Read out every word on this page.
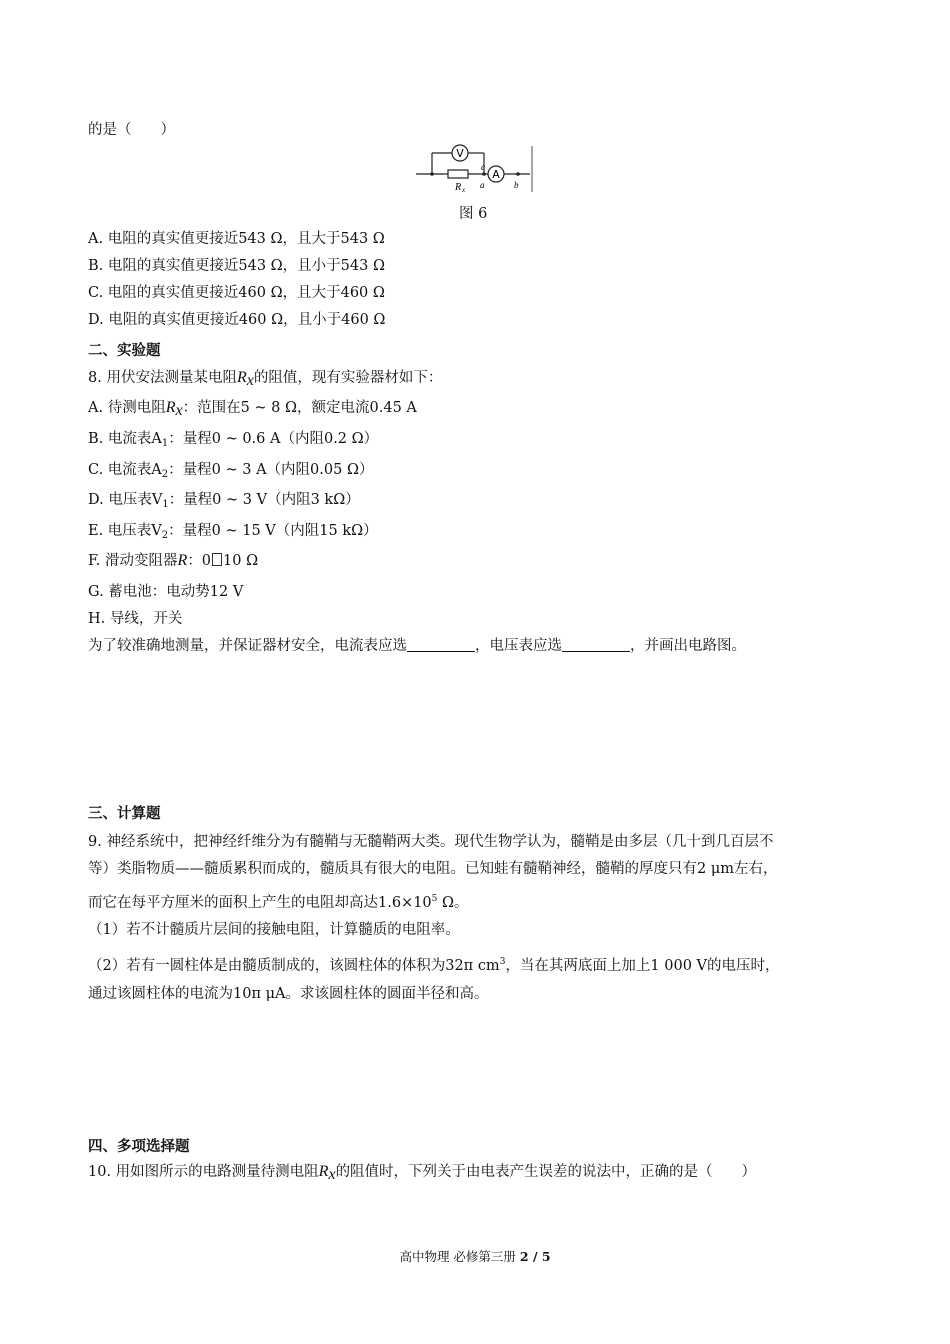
的是（　　）
V
A
R x
c
a	b
图 6
A. 电阻的真实值更接近543 Ω，且大于543 Ω
B. 电阻的真实值更接近543 Ω，且小于543 Ω
C. 电阻的真实值更接近460 Ω，且大于460 Ω
D. 电阻的真实值更接近460 Ω，且小于460 Ω
二、实验题
8. 用伏安法测量某电阻Rx的阻值，现有实验器材如下：
A. 待测电阻Rx：范围在5 ~ 8 Ω，额定电流0.45 A
B. 电流表$A_1$：量程0 ~ 0.6 A（内阻0.2 Ω）
C. 电流表$A_2$：量程0 ~ 3 A（内阻0.05 Ω）
D. 电压表$V_1$：量程0 ~ 3 V（内阻3 kΩ）
E. 电压表$V_2$：量程0 ~ 15 V（内阻15 kΩ）
F. 滑动变阻器R：0 10 Ω
G. 蓄电池：电动势12 V
H. 导线，开关
为了较准确地测量，并保证器材安全，电流表应选	，电压表应选	，并画出电路图。
三、计算题
9. 神经系统中，把神经纤维分为有髓鞘与无髓鞘两大类。现代生物学认为，髓鞘是由多层（几十到几百层不
等）类脂物质——髓质累积而成的，髓质具有很大的电阻。已知蛙有髓鞘神经，髓鞘的厚度只有2 μm左右，
而它在每平方厘米的面积上产生的电阻却高达$1.6\times 10^5$ Ω。
（1）若不计髓质片层间的接触电阻，计算髓质的电阻率。
（2）若有一圆柱体是由髓质制成的，该圆柱体的体积为32π $cm^3$，当在其两底面上加上1 000 V的电压时，
通过该圆柱体的电流为10π μA。求该圆柱体的圆面半径和高。
四、多项选择题
10. 用如图所示的电路测量待测电阻Rx的阻值时，下列关于由电表产生误差的说法中，正确的是（　　）
高中物理 必修第三册 2 / 5
